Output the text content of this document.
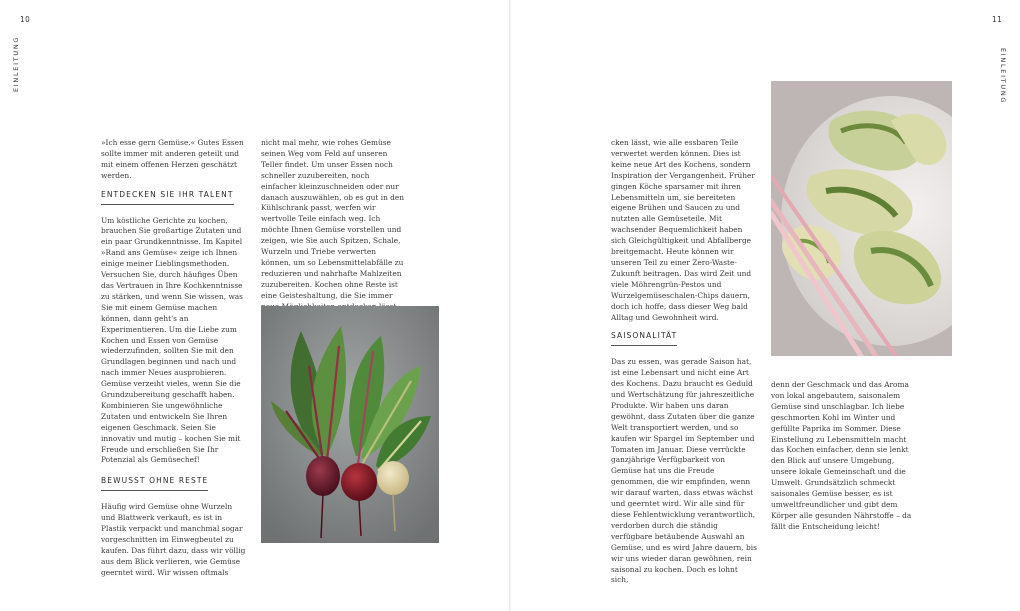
10
EINLEITUNG

»Ich esse gern Gemüse.« Gutes Essen sollte immer mit anderen geteilt und mit einem offenen Herzen geschätzt werden.

ENTDECKEN SIE IHR TALENT

Um köstliche Gerichte zu kochen, brauchen Sie großartige Zutaten und ein paar Grundkenntnisse. Im Kapitel »Rand ans Gemüse« zeige ich Ihnen einige meiner Lieblingsmethoden. Versuchen Sie, durch häufiges Üben das Vertrauen in Ihre Kochkenntnisse zu stärken, und wenn Sie wissen, was Sie mit einem Gemüse machen können, dann geht's an Experimentieren. Um die Liebe zum Kochen und Essen von Gemüse wiederzufinden, sollten Sie mit den Grundlagen beginnen und nach und nach immer Neues ausprobieren. Gemüse verzeiht vieles, wenn Sie die Grundzubereitung geschafft haben. Kombinieren Sie ungewöhnliche Zutaten und entwickeln Sie Ihren eigenen Geschmack. Seien Sie innovativ und mutig – kochen Sie mit Freude und erschließen Sie Ihr Potenzial als Gemüsechef!

BEWUSST OHNE RESTE

Häufig wird Gemüse ohne Wurzeln und Blattwerk verkauft, es ist in Plastik verpackt und manchmal sogar vorgeschnitten im Einwegbeutel zu kaufen. Das führt dazu, dass wir völlig aus dem Blick verlieren, wie Gemüse geerntet wird. Wir wissen oftmals

nicht mal mehr, wie rohes Gemüse seinen Weg vom Feld auf unseren Teller findet. Um unser Essen noch schneller zuzubereiten, noch einfacher kleinzuschneiden oder nur danach auszuwählen, ob es gut in den Kühlschrank passt, werfen wir wertvolle Teile einfach weg. Ich möchte Ihnen Gemüse vorstellen und zeigen, wie Sie auch Spitzen, Schale, Wurzeln und Triebe verwerten können, um so Lebensmittelabfälle zu reduzieren und nahrhafte Mahlzeiten zuzubereiten. Kochen ohne Reste ist eine Geisteshaltung, die Sie immer

11
EINLEITUNG

cken lässt, wie alle essbaren Teile verwertet werden können. Dies ist keine neue Art des Kochens, sondern Inspiration der Vergangenheit. Früher gingen Köche sparsamer mit ihren Lebensmitteln um, sie bereiteten eigene Brühen und Saucen zu und nutzten alle Gemüseteile. Mit wachsender Bequemlichkeit haben sich Gleichgültigkeit und Abfallberge breitgemacht. Heute können wir unseren Teil zu einer Zero-Waste-Zukunft beitragen. Das wird Zeit und viele Möhrengrün-Pestos und Wurzelgemüseschalen-Chips dauern, doch ich hoffe, dass dieser Weg bald Alltag und Gewohnheit wird.

SAISONALITÄT

Das zu essen, was gerade Saison hat, ist eine Lebensart und nicht eine Art des Kochens. Dazu braucht es Geduld und Wertschätzung für jahreszeitliche Produkte. Wir haben uns daran gewöhnt, dass Zutaten über die ganze Welt transportiert werden, und so kaufen wir Spargel im September und Tomaten im Januar. Diese verrückte ganzjährige Verfügbarkeit von Gemüse hat uns die Freude genommen, die wir empfinden, wenn wir darauf warten, dass etwas wächst und geerntet wird. Wir alle sind für diese Fehlentwicklung verantwortlich, verdorben durch die ständig verfügbare betäubende Auswahl an Gemüse, und es wird Jahre dauern, bis wir uns wieder daran gewöhnen, rein saisonal zu kochen. Doch es lohnt sich,

denn der Geschmack und das Aroma von lokal angebautem, saisonalem Gemüse sind unschlagbar. Ich liebe geschmorten Kohl im Winter und gefüllte Paprika im Sommer. Diese Einstellung zu Lebensmitteln macht das Kochen einfacher, denn sie lenkt den Blick auf unsere Umgebung, unsere lokale Gemeinschaft und die Umwelt. Grundsätzlich schmeckt saisonales Gemüse besser, es ist umweltfreundlicher und gibt dem Körper alle gesunden Nährstoffe – da fällt die Entscheidung leicht!
